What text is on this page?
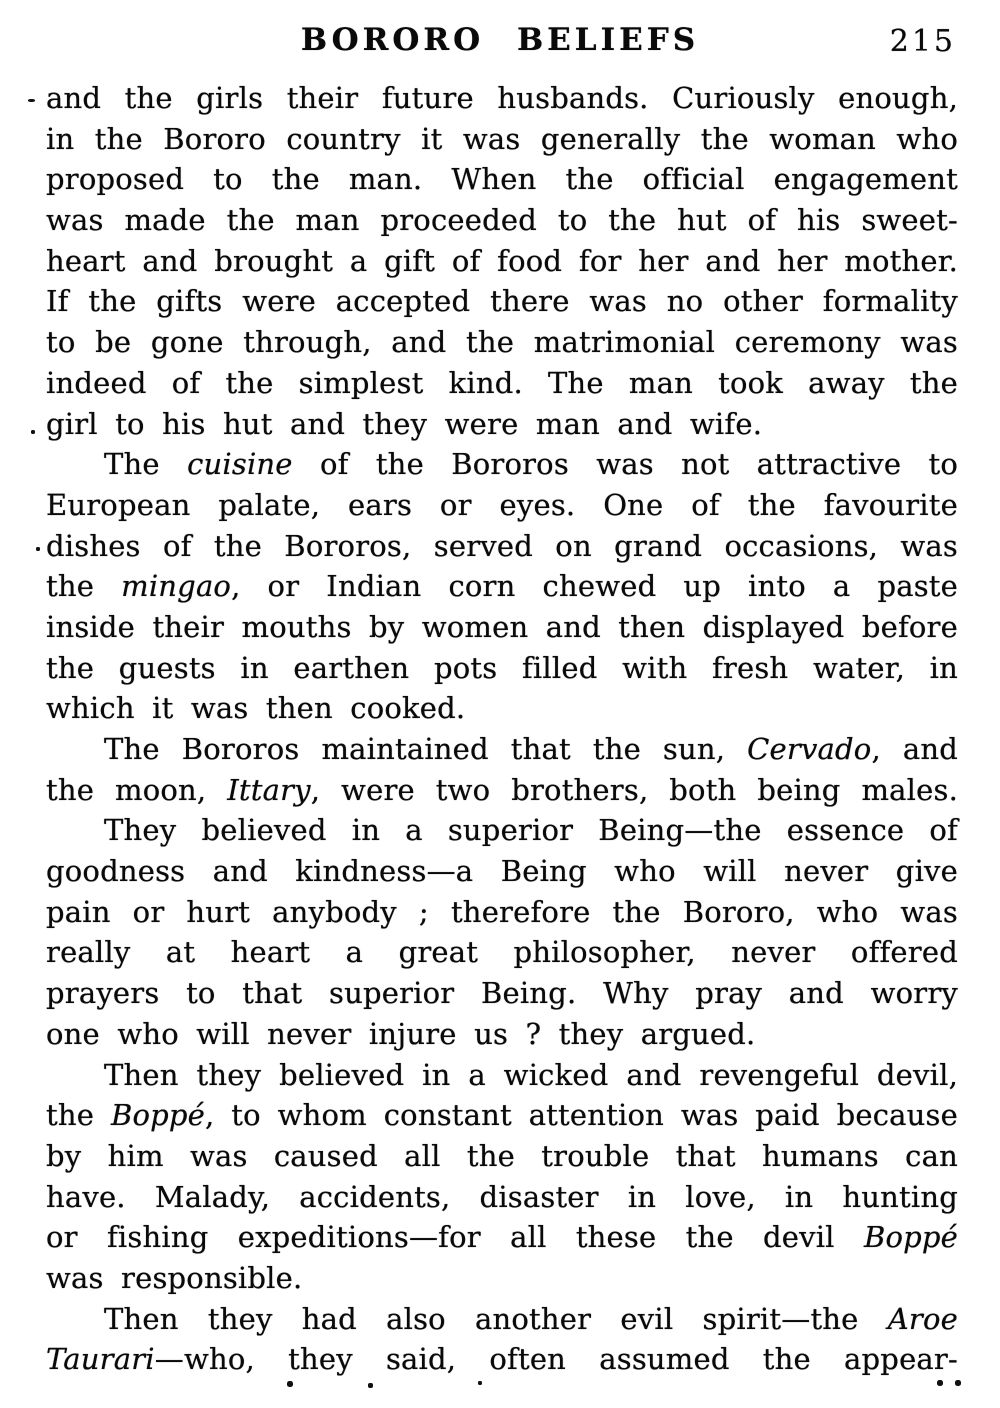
BORORO BELIEFS	215
and the girls their future husbands. Curiously enough,
in the Bororo country it was generally the woman who
proposed to the man. When the official engagement
was made the man proceeded to the hut of his sweet-
heart and brought a gift of food for her and her mother.
If the gifts were accepted there was no other formality
to be gone through, and the matrimonial ceremony was
indeed of the simplest kind. The man took away the
girl to his hut and they were man and wife.
The cuisine of the Bororos was not attractive to
European palate, ears or eyes. One of the favourite
dishes of the Bororos, served on grand occasions, was
the mingao, or Indian corn chewed up into a paste
inside their mouths by women and then displayed before
the guests in earthen pots filled with fresh water, in
which it was then cooked.
The Bororos maintained that the sun, Cervado, and
the moon, Ittary, were two brothers, both being males.
They believed in a superior Being—the essence of
goodness and kindness—a Being who will never give
pain or hurt anybody ; therefore the Bororo, who was
really at heart a great philosopher, never offered
prayers to that superior Being. Why pray and worry
one who will never injure us ? they argued.
Then they believed in a wicked and revengeful devil,
the Boppé, to whom constant attention was paid because
by him was caused all the trouble that humans can
have. Malady, accidents, disaster in love, in hunting
or fishing expeditions—for all these the devil Boppé
was responsible.
Then they had also another evil spirit—the Aroe
Taurari—who, they said, often assumed the appear-
